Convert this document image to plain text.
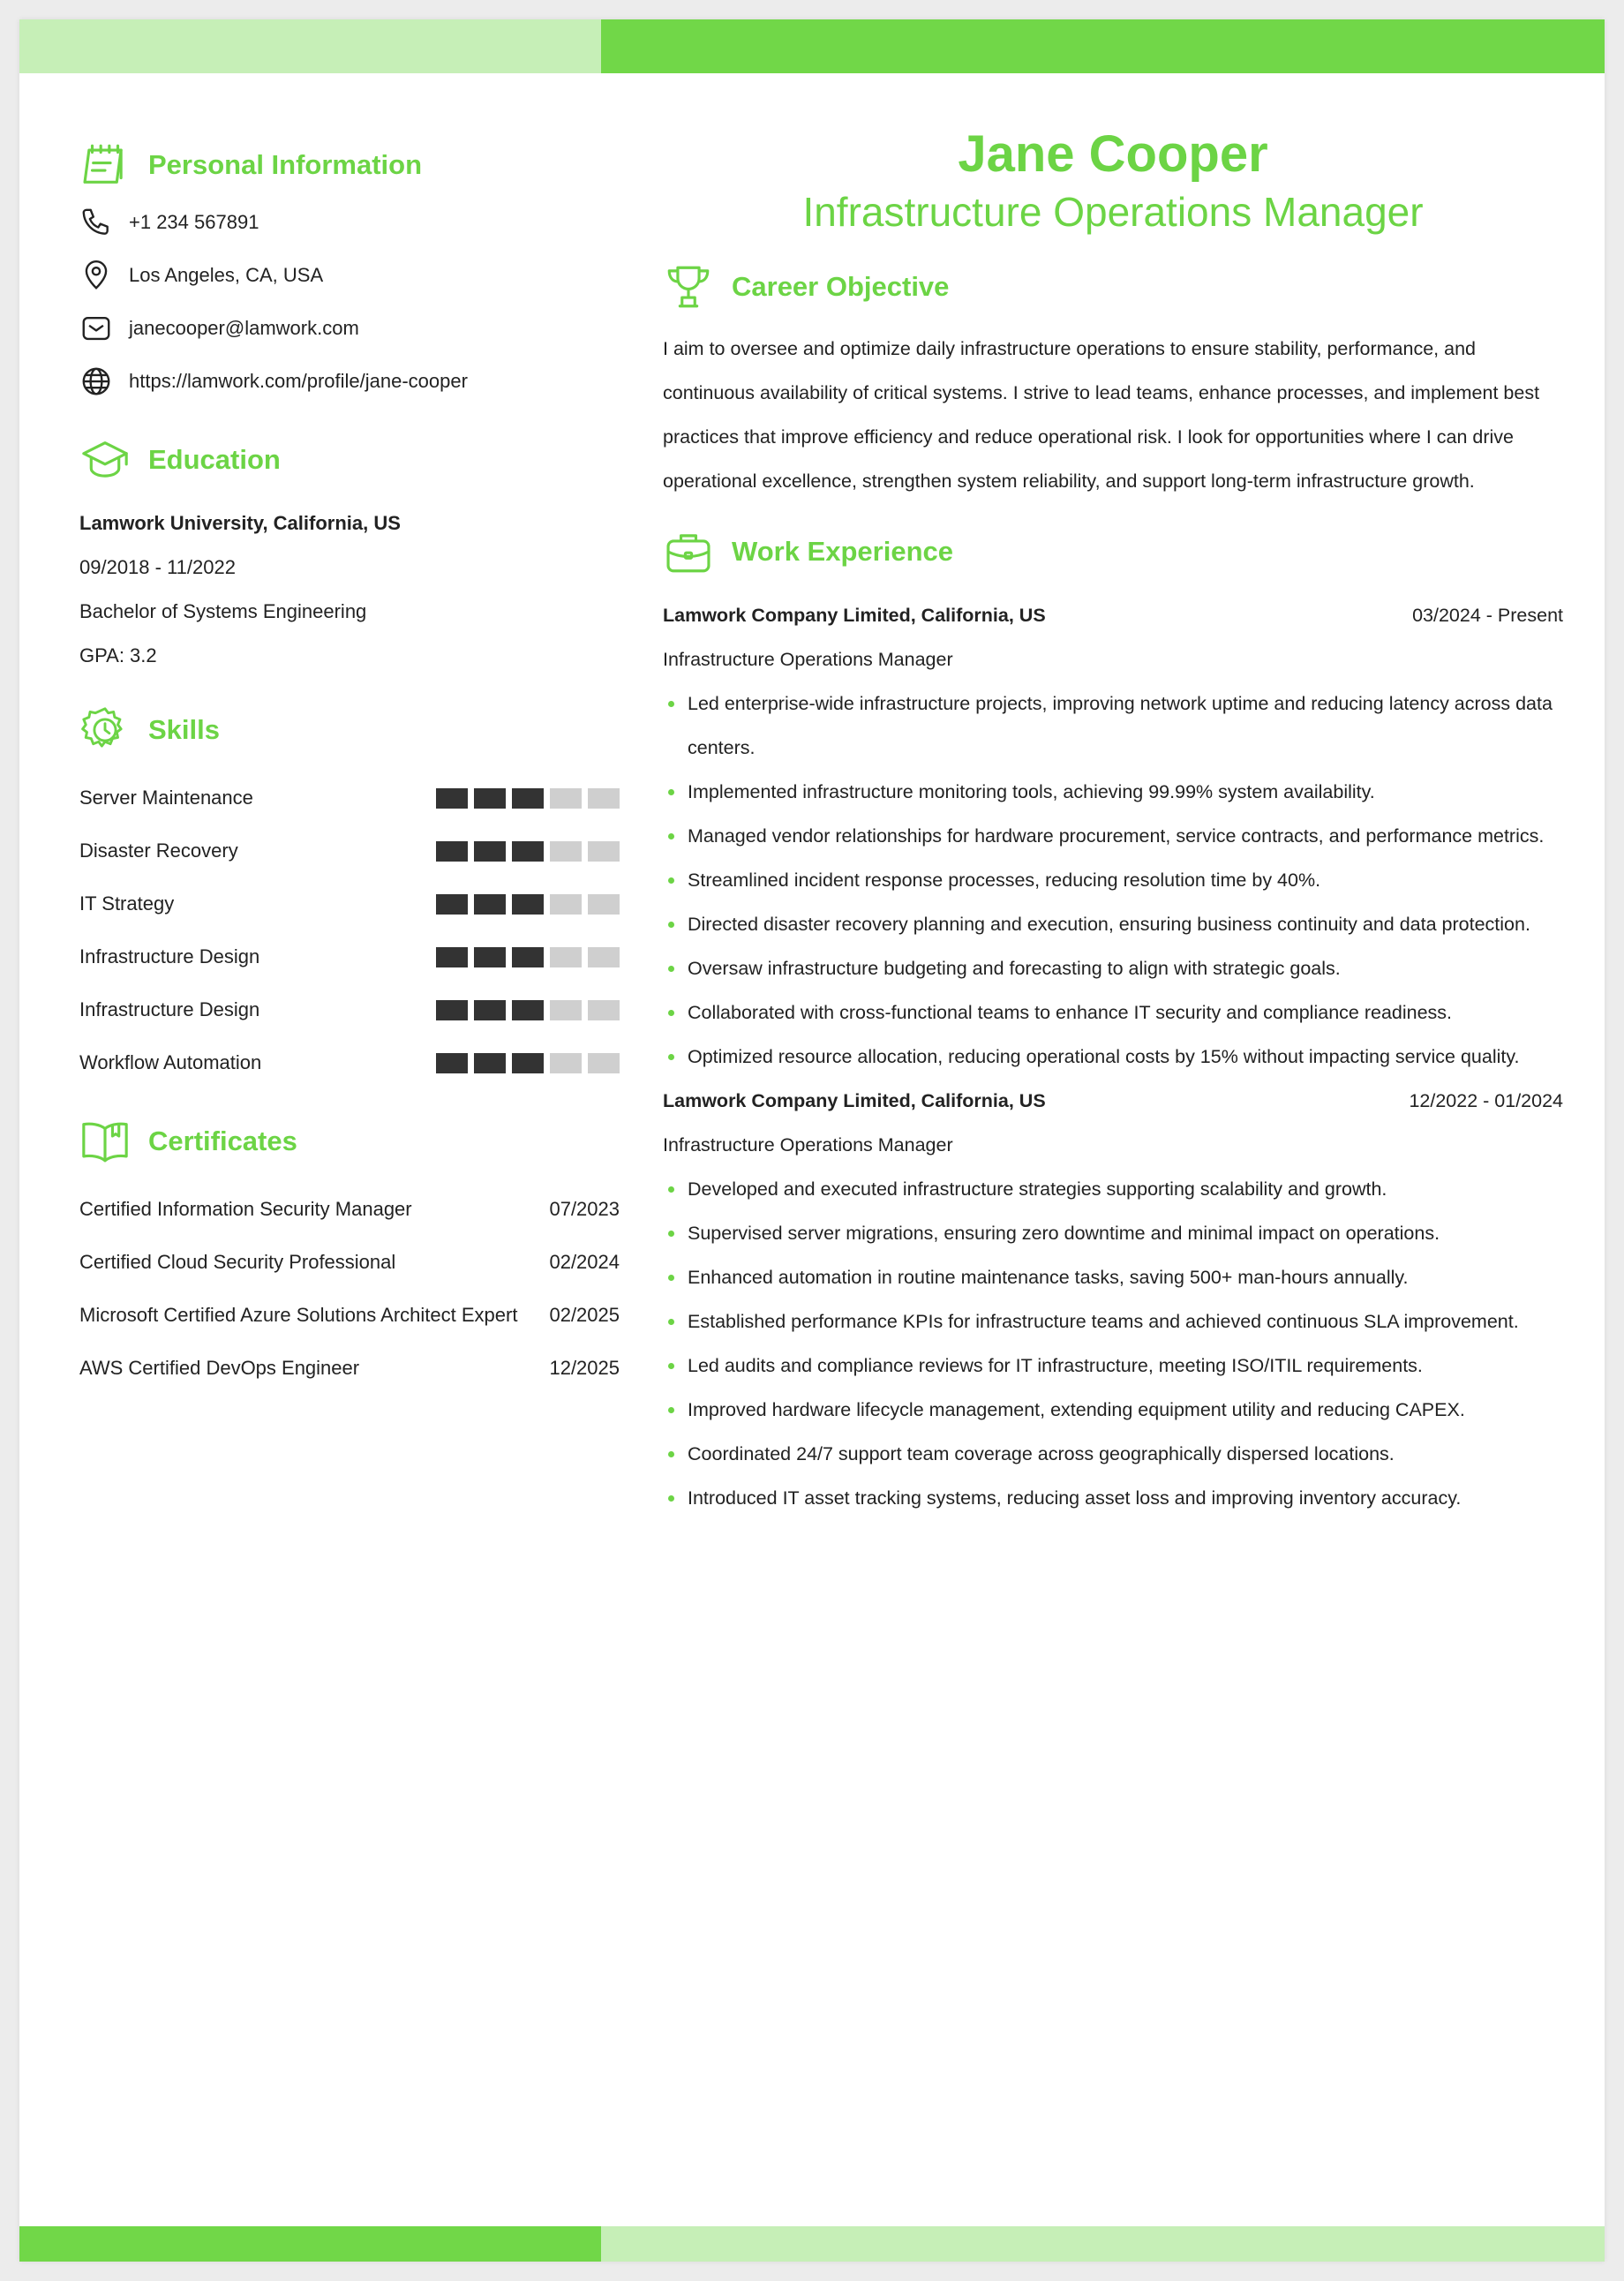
Personal Information
+1 234 567891
Los Angeles, CA, USA
janecooper@lamwork.com
https://lamwork.com/profile/jane-cooper
Education
Lamwork University, California, US
09/2018 - 11/2022
Bachelor of Systems Engineering
GPA: 3.2
Skills
Server Maintenance
Disaster Recovery
IT Strategy
Infrastructure Design
Infrastructure Design
Workflow Automation
Certificates
Certified Information Security Manager	07/2023
Certified Cloud Security Professional	02/2024
Microsoft Certified Azure Solutions Architect Expert 02/2025
AWS Certified DevOps Engineer	12/2025
Jane Cooper
Infrastructure Operations Manager
Career Objective
I aim to oversee and optimize daily infrastructure operations to ensure stability, performance, and continuous availability of critical systems. I strive to lead teams, enhance processes, and implement best practices that improve efficiency and reduce operational risk. I look for opportunities where I can drive operational excellence, strengthen system reliability, and support long-term infrastructure growth.
Work Experience
Lamwork Company Limited, California, US	03/2024 - Present
Infrastructure Operations Manager
Led enterprise-wide infrastructure projects, improving network uptime and reducing latency across data centers.
Implemented infrastructure monitoring tools, achieving 99.99% system availability.
Managed vendor relationships for hardware procurement, service contracts, and performance metrics.
Streamlined incident response processes, reducing resolution time by 40%.
Directed disaster recovery planning and execution, ensuring business continuity and data protection.
Oversaw infrastructure budgeting and forecasting to align with strategic goals.
Collaborated with cross-functional teams to enhance IT security and compliance readiness.
Optimized resource allocation, reducing operational costs by 15% without impacting service quality.
Lamwork Company Limited, California, US	12/2022 - 01/2024
Infrastructure Operations Manager
Developed and executed infrastructure strategies supporting scalability and growth.
Supervised server migrations, ensuring zero downtime and minimal impact on operations.
Enhanced automation in routine maintenance tasks, saving 500+ man-hours annually.
Established performance KPIs for infrastructure teams and achieved continuous SLA improvement.
Led audits and compliance reviews for IT infrastructure, meeting ISO/ITIL requirements.
Improved hardware lifecycle management, extending equipment utility and reducing CAPEX.
Coordinated 24/7 support team coverage across geographically dispersed locations.
Introduced IT asset tracking systems, reducing asset loss and improving inventory accuracy.
